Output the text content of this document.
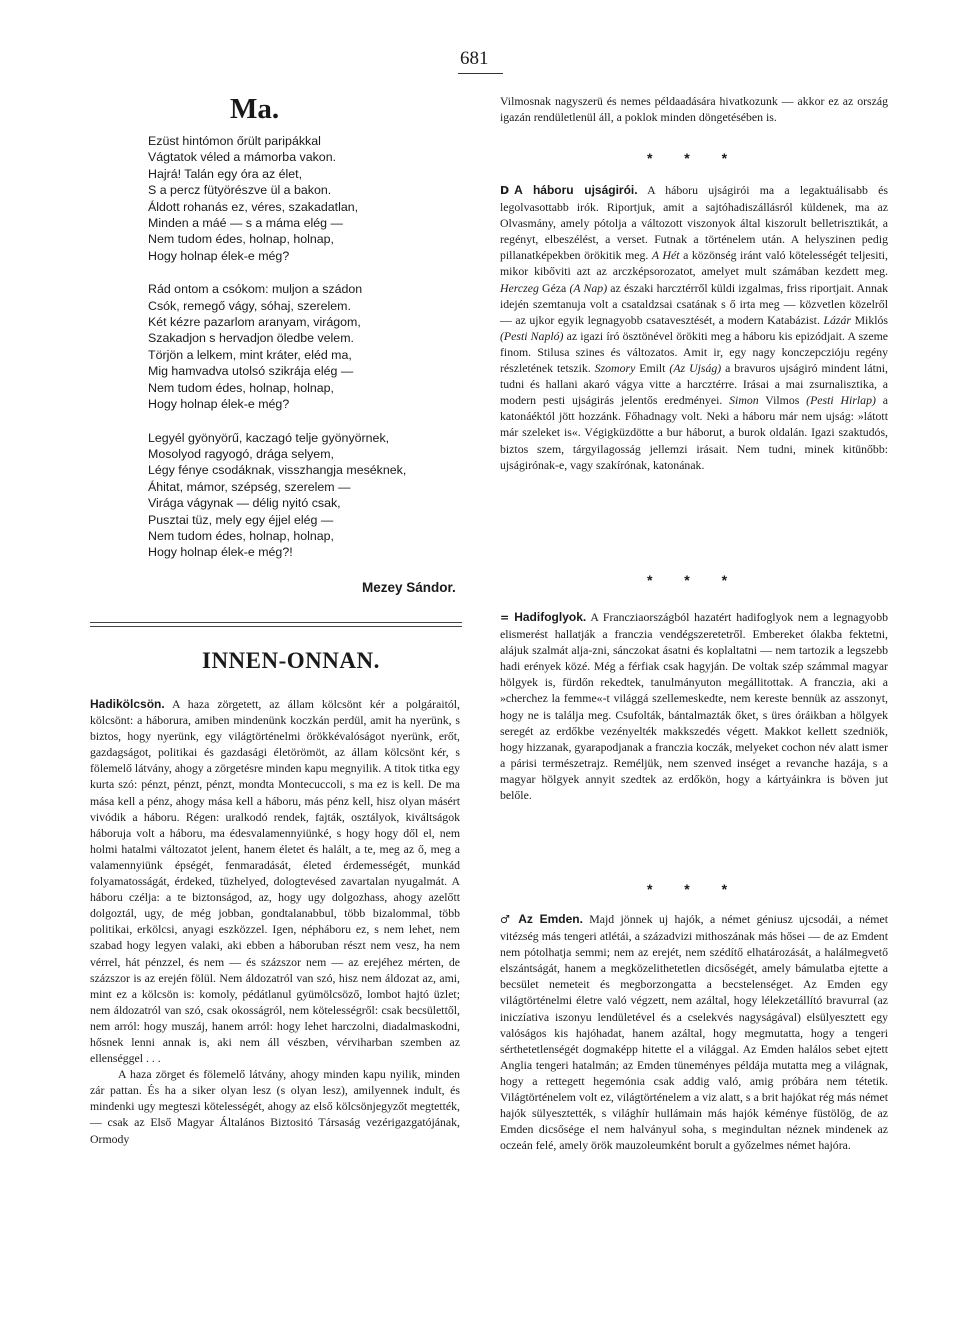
681
Ma.
Ezüst hintómon őrült paripákkal
Vágtatok véled a mámorba vakon.
Hajrá! Talán egy óra az élet,
S a percz fütyörészve ül a bakon.
Áldott rohanás ez, véres, szakadatlan,
Minden a máé — s a máma elég —
Nem tudom édes, holnap, holnap,
Hogy holnap élek-e még?
Rád ontom a csókom: muljon a szádon
Csók, remegő vágy, sóhaj, szerelem.
Két kézre pazarlom aranyam, virágom,
Szakadjon s hervadjon öledbe velem.
Törjön a lelkem, mint kráter, eléd ma,
Mig hamvadva utolsó szikrája elég —
Nem tudom édes, holnap, holnap,
Hogy holnap élek-e még?
Legyél gyönyörű, kaczagó telje gyönyörnek,
Mosolyod ragyogó, drága selyem,
Légy fénye csodáknak, visszhangja meséknek,
Áhitat, mámor, szépség, szerelem —
Virága vágynak — délig nyitó csak,
Pusztai tüz, mely egy éjjel elég —
Nem tudom édes, holnap, holnap,
Hogy holnap élek-e még?!
Mezey Sándor.
INNEN-ONNAN.

Hadikölcsön. A haza zörgetett, az állam kölcsönt kér a polgáraitól, kölcsönt: a háborura, amiben mindenünk koczkán perdül, amit ha nyerünk, s biztos, hogy nyerünk, egy világtörténelmi örökkévalóságot nyerünk, erőt, gazdagságot, politikai és gazdasági életörömöt, az állam kölcsönt kér, s fölemelő látvány, ahogy a zörgetésre minden kapu megnyilik. A titok titka egy kurta szó: pénzt, pénzt, pénzt, mondta Montecuccoli, s ma ez is kell. De ma mása kell a pénz, ahogy mása kell a háboru, más pénz kell, hisz olyan másért vivódik a háboru. Régen: uralkodó rendek, fajták, osztályok, kiváltságok háboruja volt a háboru, ma édesvalamennyiünké, s hogy hogy dől el, nem holmi hatalmi változatot jelent, hanem életet és halált, a te, meg az ő, meg a valamennyiünk épségét, fenmaradását, életed érdemességét, munkád folyamatosságát, érdeked, tüzhelyed, dologtevésed zavartalan nyugalmát. A háboru czélja: a te biztonságod, az, hogy ugy dolgozhass, ahogy azelőtt dolgoztál, ugy, de még jobban, gondtalanabbul, több bizalommal, több politikai, erkölcsi, anyagi eszközzel. Igen, népháboru ez, s nem lehet, nem szabad hogy legyen valaki, aki ebben a háboruban részt nem vesz, ha nem vérrel, hát pénzzel, és nem — és százszor nem — az erejéhez mérten, de százszor is az erején fölül. Nem áldozatról van szó, hisz nem áldozat az, ami, mint ez a kölcsön is: komoly, pédátlanul gyümölcsöző, lombot hajtó üzlet; nem áldozatról van szó, csak okosságról, nem kötelességről: csak becsülettől, nem arról: hogy muszáj, hanem arról: hogy lehet harczolni, diadalmaskodni, hősnek lenni annak is, aki nem áll vészben, vérviharban szemben az ellenséggel . . .

A haza zörget és fölemelő látvány, ahogy minden kapu nyilik, minden zár pattan. És ha a siker olyan lesz (s olyan lesz), amilyennek indult, és mindenki ugy megteszi kötelességét, ahogy az első kölcsönjegyzőt megtették, — csak az Első Magyar Általános Biztositó Társaság vezérigazgatójának, Ormody

Vilmosnak nagyszerü és nemes példaadására hivatkozunk — akkor ez az ország igazán rendületlenül áll, a poklok minden döngetésében is.

* * *

D A háboru ujságirói. A háboru ujságirói ma a legaktuálisabb és legolvasottabb irók. Riportjuk, amit a sajtóhadiszállásról küldenek, ma az Olvasmány, amely pótolja a változott viszonyok által kiszorult belletrisztikát, a regényt, elbeszélést, a verset. Futnak a történelem után. A helyszinen pedig pillanatképekben örökitik meg. A Hét a közönség iránt való kötelességét teljesiti, mikor kibőviti azt az arczképsorozatot, amelyet mult számában kezdett meg. Herczeg Géza (A Nap) az északi harcztérről küldi izgalmas, friss riportjait. Annak idején szemtanuja volt a csataldzsai csatának s ő irta meg — közvetlen közelről — az ujkor egyik legnagyobb csatavesztését, a modern Katabázist. Lázár Miklós (Pesti Napló) az igazi író ösztönével örökiti meg a háboru kis epizódjait. A szeme finom. Stilusa szines és változatos. Amit ir, egy nagy konczepczióju regény részletének tetszik. Szomory Emilt (Az Ujság) a bravuros ujságiró mindent látni, tudni és hallani akaró vágya vitte a harcztérre. Irásai a mai zsurnalisztika, a modern pesti ujságirás jelentős eredményei. Simon Vilmos (Pesti Hirlap) a katonáéktól jött hozzánk. Főhadnagy volt. Neki a háboru már nem ujság: »látott már szeleket is«. Végigküzdötte a bur háborut, a burok oldalán. Igazi szaktudós, biztos szem, tárgyilagosság jellemzi irásait. Nem tudni, minek kitünőbb: ujságirónak-e, vagy szakírónak, katonának.

* * *

= Hadifoglyok. A Francziaországból hazatért hadifoglyok nem a legnagyobb elismerést hallatják a franczia vendégszeretetről. Embereket ólakba fektetni, alájuk szalmát alja-zni, sánczokat ásatni és koplaltatni — nem tartozik a legszebb hadi erények közé. Még a férfiak csak hagyján. De voltak szép számmal magyar hölgyek is, fürdőn rekedtek, tanulmányuton megállitottak. A franczia, aki a »cherchez la femme«-t világgá szellemeskedte, nem kereste bennük az asszonyt, hogy ne is találja meg. Csufolták, bántalmazták őket, s üres óráikban a hölgyek seregét az erdőkbe vezényelték makkszedés végett. Makkot kellett szedniök, hogy hizzanak, gyarapodjanak a franczia koczák, melyeket cochon név alatt ismer a párisi természetrajz. Reméljük, nem szenved inséget a revanche hazája, s a magyar hölgyek annyit szedtek az erdőkön, hogy a kártyáinkra is böven jut belőle.

* * *

♂ Az Emden. Majd jönnek uj hajók, a német géniusz ujcsodái, a német vitézség más tengeri atlétái, a századvizi mithoszának más hősei — de az Emdent nem pótolhatja semmi; nem az erejét, nem szédítő elhatározását, a halálmegvető elszántságát, hanem a megközelithetetlen dicsőségét, amely bámulatba ejtette a becsület nemeteit és megborzongatta a becstelenséget. Az Emden egy világtörténelmi életre való végzett, nem azáltal, hogy lélekzetállító bravurral (az iniczíativa iszonyu lendületével és a cselekvés nagyságával) elsülyesztett egy valóságos kis hajóhadat, hanem azáltal, hogy megmutatta, hogy a tengeri sérthetetlenségét dogmaképp hitette el a világgal. Az Emden halálos sebet ejtett Anglia tengeri hatalmán; az Emden tüneményes példája mutatta meg a világnak, hogy a rettegett hegemónia csak addig való, amig próbára nem tétetik. Világtörténelem volt ez, világtörténelem a viz alatt, s a brit hajókat rég más német hajók sülyesztették, s világhír hullámain más hajók kéménye füstölög, de az Emden dicsősége el nem halványul soha, s megindultan néznek mindenek az oczeán felé, amely örök mauzoleumként borult a győzelmes német hajóra.
